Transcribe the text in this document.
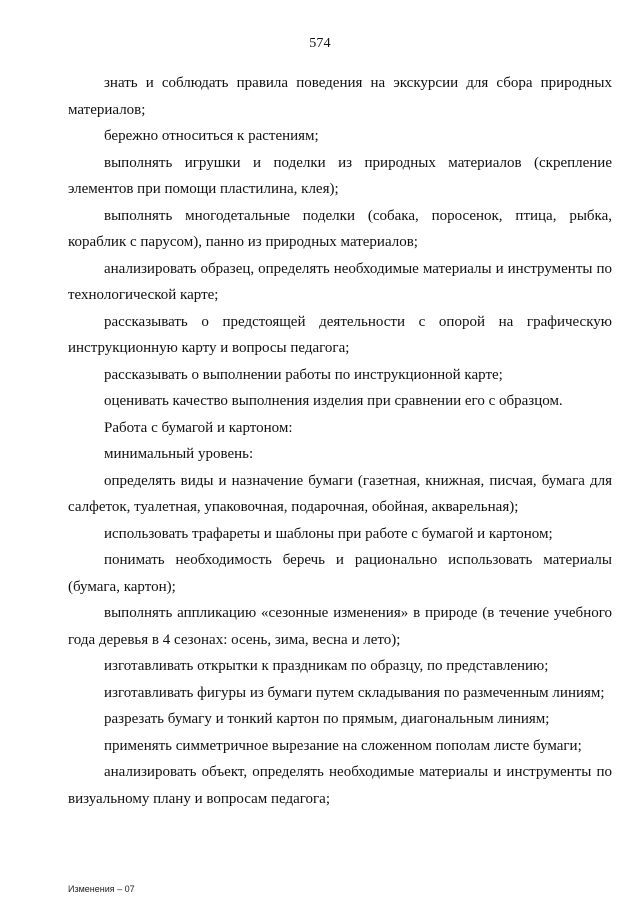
574

знать и соблюдать правила поведения на экскурсии для сбора природных материалов;

бережно относиться к растениям;

выполнять игрушки и поделки из природных материалов (скрепление элементов при помощи пластилина, клея);

выполнять многодетальные поделки (собака, поросенок, птица, рыбка, кораблик с парусом), панно из природных материалов;

анализировать образец, определять необходимые материалы и инструменты по технологической карте;

рассказывать о предстоящей деятельности с опорой на графическую инструкционную карту и вопросы педагога;

рассказывать о выполнении работы по инструкционной карте;

оценивать качество выполнения изделия при сравнении его с образцом.

Работа с бумагой и картоном:

минимальный уровень:

определять виды и назначение бумаги (газетная, книжная, писчая, бумага для салфеток, туалетная, упаковочная, подарочная, обойная, акварельная);

использовать трафареты и шаблоны при работе с бумагой и картоном;

понимать необходимость беречь и рационально использовать материалы (бумага, картон);

выполнять аппликацию «сезонные изменения» в природе (в течение учебного года деревья в 4 сезонах: осень, зима, весна и лето);

изготавливать открытки к праздникам по образцу, по представлению;

изготавливать фигуры из бумаги путем складывания по размеченным линиям;

разрезать бумагу и тонкий картон по прямым, диагональным линиям;

применять симметричное вырезание на сложенном пополам листе бумаги;

анализировать объект, определять необходимые материалы и инструменты по визуальному плану и вопросам педагога;

Изменения – 07
